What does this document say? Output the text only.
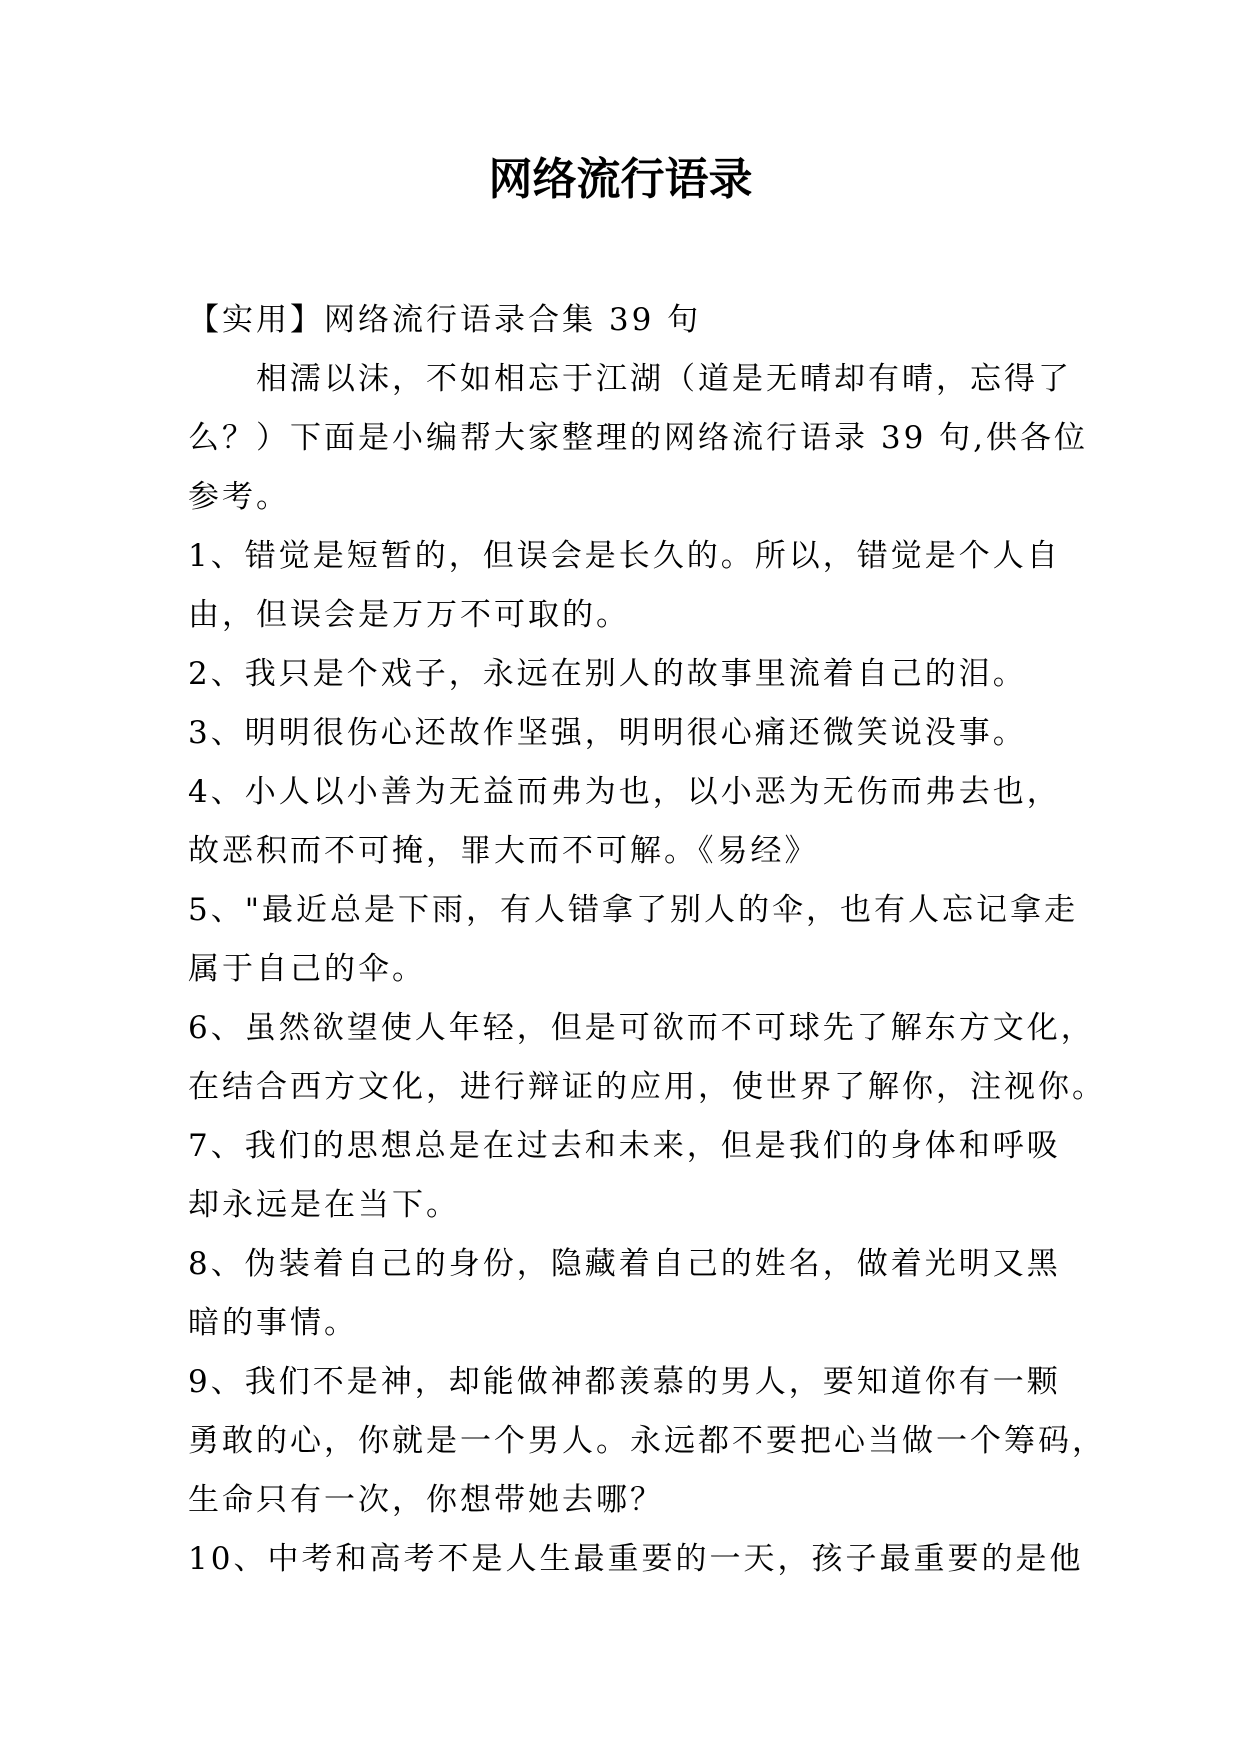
网络流行语录

【实用】网络流行语录合集 39 句

相濡以沫，不如相忘于江湖（道是无晴却有晴，忘得了

么？）下面是小编帮大家整理的网络流行语录 39 句,供各位

参考。

1、错觉是短暂的，但误会是长久的。所以，错觉是个人自

由，但误会是万万不可取的。

2、我只是个戏子，永远在别人的故事里流着自己的泪。

3、明明很伤心还故作坚强，明明很心痛还微笑说没事。

4、小人以小善为无益而弗为也，以小恶为无伤而弗去也，

故恶积而不可掩，罪大而不可解。《易经》

5、"最近总是下雨，有人错拿了别人的伞，也有人忘记拿走

属于自己的伞。

6、虽然欲望使人年轻，但是可欲而不可球先了解东方文化，

在结合西方文化，进行辩证的应用，使世界了解你，注视你。

7、我们的思想总是在过去和未来，但是我们的身体和呼吸

却永远是在当下。

8、伪装着自己的身份，隐藏着自己的姓名，做着光明又黑

暗的事情。

9、我们不是神，却能做神都羡慕的男人，要知道你有一颗

勇敢的心，你就是一个男人。永远都不要把心当做一个筹码，

生命只有一次，你想带她去哪？

10、中考和高考不是人生最重要的一天，孩子最重要的是他
